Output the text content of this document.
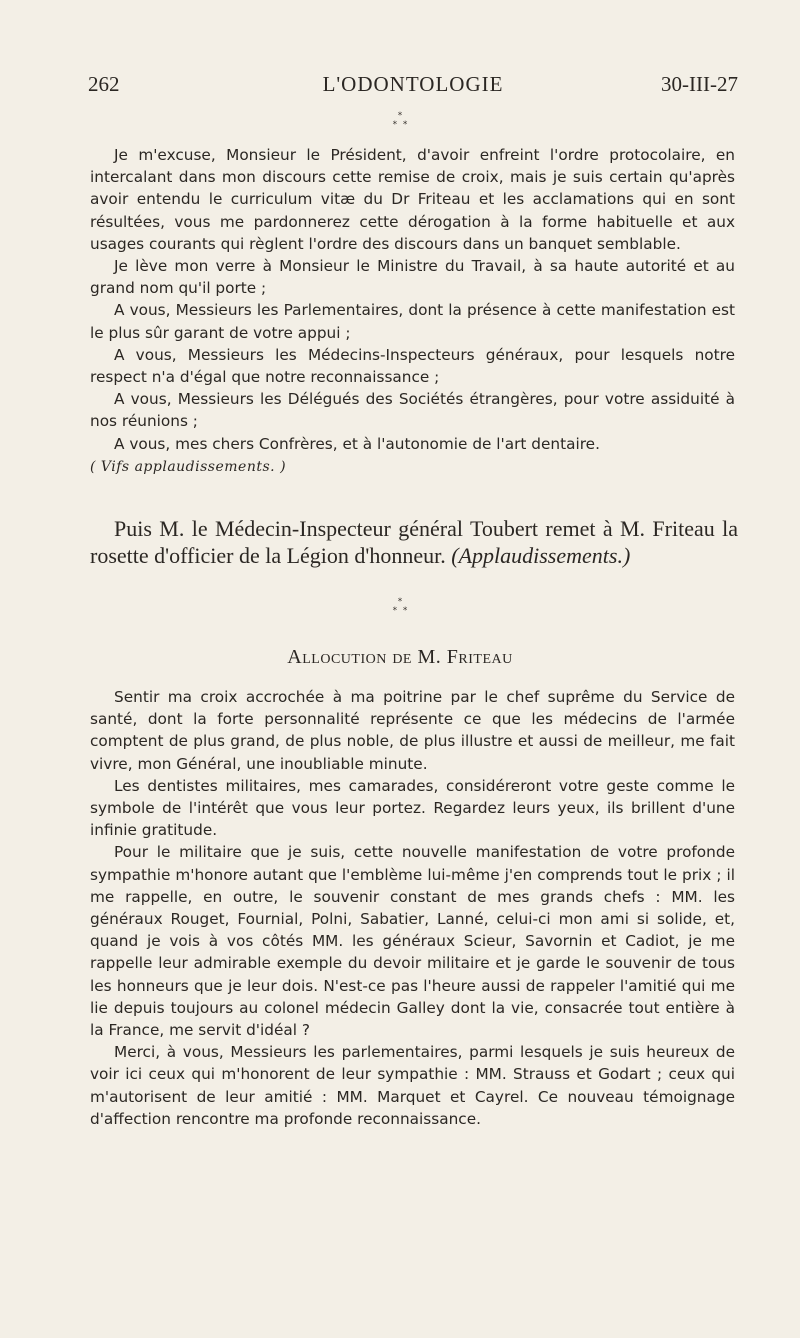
262	L'ODONTOLOGIE	30-III-27
*
* *

Je m'excuse, Monsieur le Président, d'avoir enfreint l'ordre protocolaire, en intercalant dans mon discours cette remise de croix, mais je suis certain qu'après avoir entendu le curriculum vitæ du Dr Friteau et les acclamations qui en sont résultées, vous me pardonnerez cette dérogation à la forme habituelle et aux usages courants qui règlent l'ordre des discours dans un banquet semblable.

Je lève mon verre à Monsieur le Ministre du Travail, à sa haute autorité et au grand nom qu'il porte ;

A vous, Messieurs les Parlementaires, dont la présence à cette manifestation est le plus sûr garant de votre appui ;

A vous, Messieurs les Médecins-Inspecteurs généraux, pour lesquels notre respect n'a d'égal que notre reconnaissance ;

A vous, Messieurs les Délégués des Sociétés étrangères, pour votre assiduité à nos réunions ;

A vous, mes chers Confrères, et à l'autonomie de l'art dentaire.

( Vifs applaudissements. )

Puis M. le Médecin-Inspecteur général Toubert remet à M. Friteau la rosette d'officier de la Légion d'honneur. (Applaudissements.)

*
* *
Allocution de M. Friteau

Sentir ma croix accrochée à ma poitrine par le chef suprême du Service de santé, dont la forte personnalité représente ce que les médecins de l'armée comptent de plus grand, de plus noble, de plus illustre et aussi de meilleur, me fait vivre, mon Général, une inoubliable minute.

Les dentistes militaires, mes camarades, considéreront votre geste comme le symbole de l'intérêt que vous leur portez. Regardez leurs yeux, ils brillent d'une infinie gratitude.

Pour le militaire que je suis, cette nouvelle manifestation de votre profonde sympathie m'honore autant que l'emblème lui-même j'en comprends tout le prix ; il me rappelle, en outre, le souvenir constant de mes grands chefs : MM. les généraux Rouget, Fournial, Polni, Sabatier, Lanné, celui-ci mon ami si solide, et, quand je vois à vos côtés MM. les généraux Scieur, Savornin et Cadiot, je me rappelle leur admirable exemple du devoir militaire et je garde le souvenir de tous les honneurs que je leur dois. N'est-ce pas l'heure aussi de rappeler l'amitié qui me lie depuis toujours au colonel médecin Galley dont la vie, consacrée tout entière à la France, me servit d'idéal ?

Merci, à vous, Messieurs les parlementaires, parmi lesquels je suis heureux de voir ici ceux qui m'honorent de leur sympathie : MM. Strauss et Godart ; ceux qui m'autorisent de leur amitié : MM. Marquet et Cayrel. Ce nouveau témoignage d'affection rencontre ma profonde reconnaissance.
